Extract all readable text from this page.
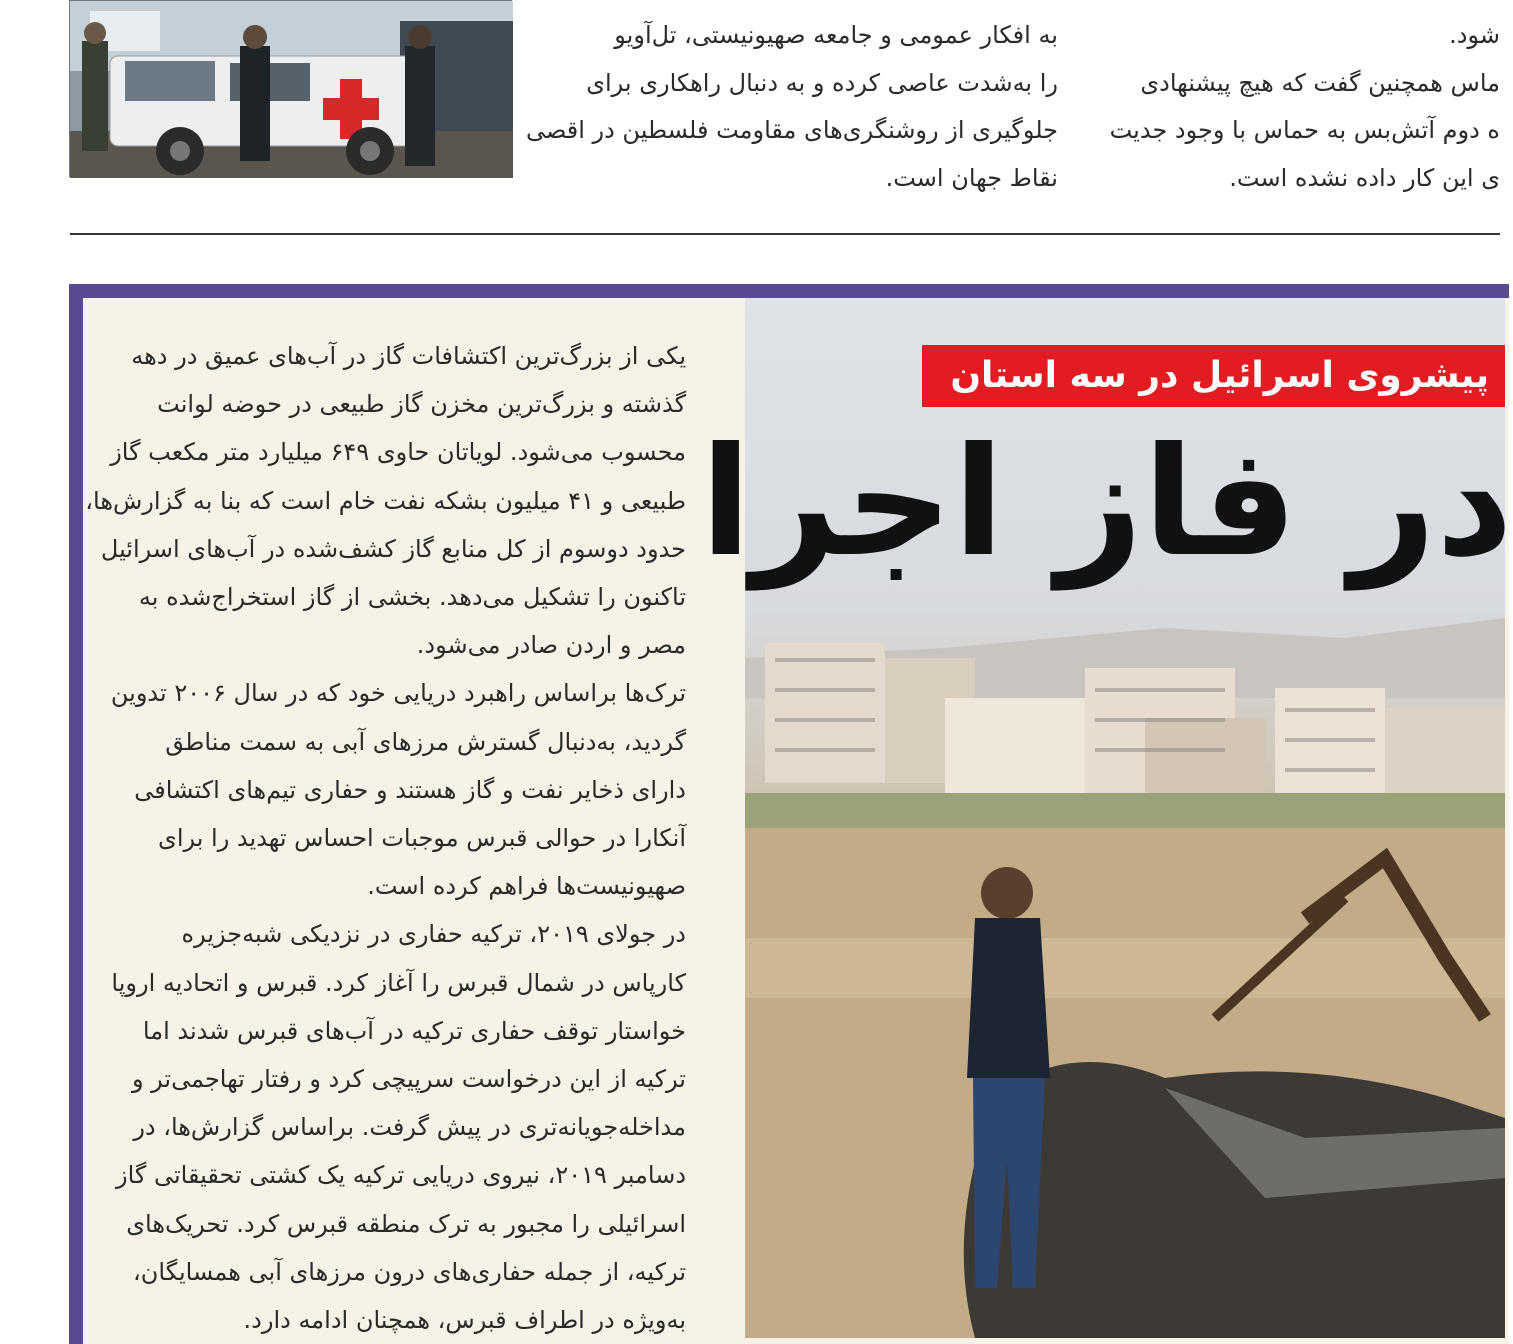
به افکار عمومی و جامعه صهیونیستی، تل‌آویو
را به‌شدت عاصی کرده و به دنبال راهکاری برای
جلوگیری از روشنگری‌های مقاومت فلسطین در اقصی
نقاط جهان است.
شود.
ماس همچنین گفت که هیچ پیشنهادی
ه دوم آتش‌بس به حماس با وجود جدیت
ی این کار داده نشده است.
یکی از بزرگ‌ترین اکتشافات گاز در آب‌های عمیق در دهه
گذشته و بزرگ‌ترین مخزن گاز طبیعی در حوضه لوانت
محسوب می‌شود. لویاتان حاوی ۶۴۹ میلیارد متر مکعب گاز
طبیعی و ۴۱ میلیون بشکه نفت خام است که بنا به گزارش‌ها،
حدود دوسوم از کل منابع گاز کشف‌شده در آب‌های اسرائیل
تاکنون را تشکیل می‌دهد. بخشی از گاز استخراج‌شده به
مصر و اردن صادر می‌شود.
ترک‌ها براساس راهبرد دریایی خود که در سال ۲۰۰۶ تدوین
گردید، به‌دنبال گسترش مرزهای آبی به سمت مناطق
دارای ذخایر نفت و گاز هستند و حفاری تیم‌های اکتشافی
آنکارا در حوالی قبرس موجبات احساس تهدید را برای
صهیونیست‌ها فراهم کرده است.
در جولای ۲۰۱۹، ترکیه حفاری در نزدیکی شبه‌جزیره
کارپاس در شمال قبرس را آغاز کرد. قبرس و اتحادیه اروپا
خواستار توقف حفاری ترکیه در آب‌های قبرس شدند اما
ترکیه از این درخواست سرپیچی کرد و رفتار تهاجمی‌تر و
مداخله‌جویانه‌تری در پیش گرفت. براساس گزارش‌ها، در
دسامبر ۲۰۱۹، نیروی دریایی ترکیه یک کشتی تحقیقاتی گاز
اسرائیلی را مجبور به ترک منطقه قبرس کرد. تحریک‌های
ترکیه، از جمله حفاری‌های درون مرزهای آبی همسایگان،
به‌ویژه در اطراف قبرس، همچنان ادامه دارد.
پیشروی اسرائیل در سه استان
در فاز اجرا
